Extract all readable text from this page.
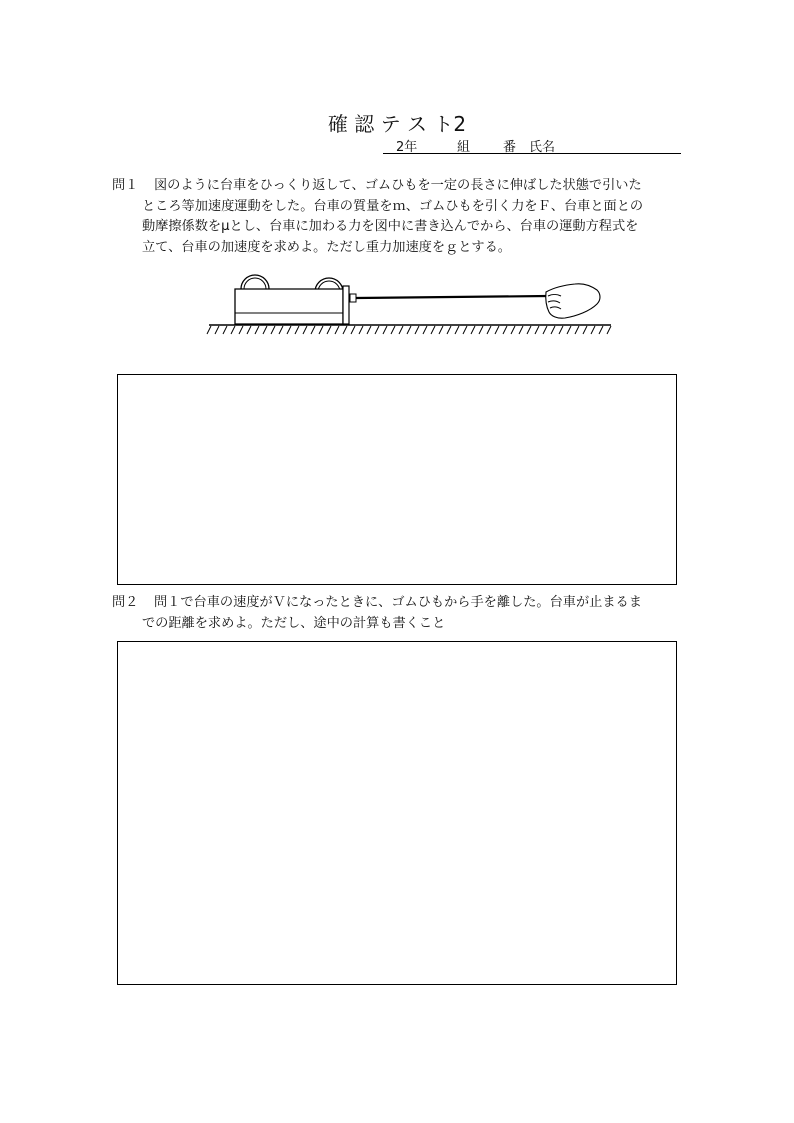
確 認 テ ス ト2
2年	組	番 氏名
問１	図のように台車をひっくり返して、ゴムひもを一定の長さに伸ばした状態で引いた
ところ等加速度運動をした。台車の質量をｍ、ゴムひもを引く力をＦ、台車と面との
動摩擦係数をμとし、台車に加わる力を図中に書き込んでから、台車の運動方程式を
立て、台車の加速度を求めよ。ただし重力加速度をｇとする。
問２	問１で台車の速度がＶになったときに、ゴムひもから手を離した。台車が止まるま
での距離を求めよ。ただし、途中の計算も書くこと
